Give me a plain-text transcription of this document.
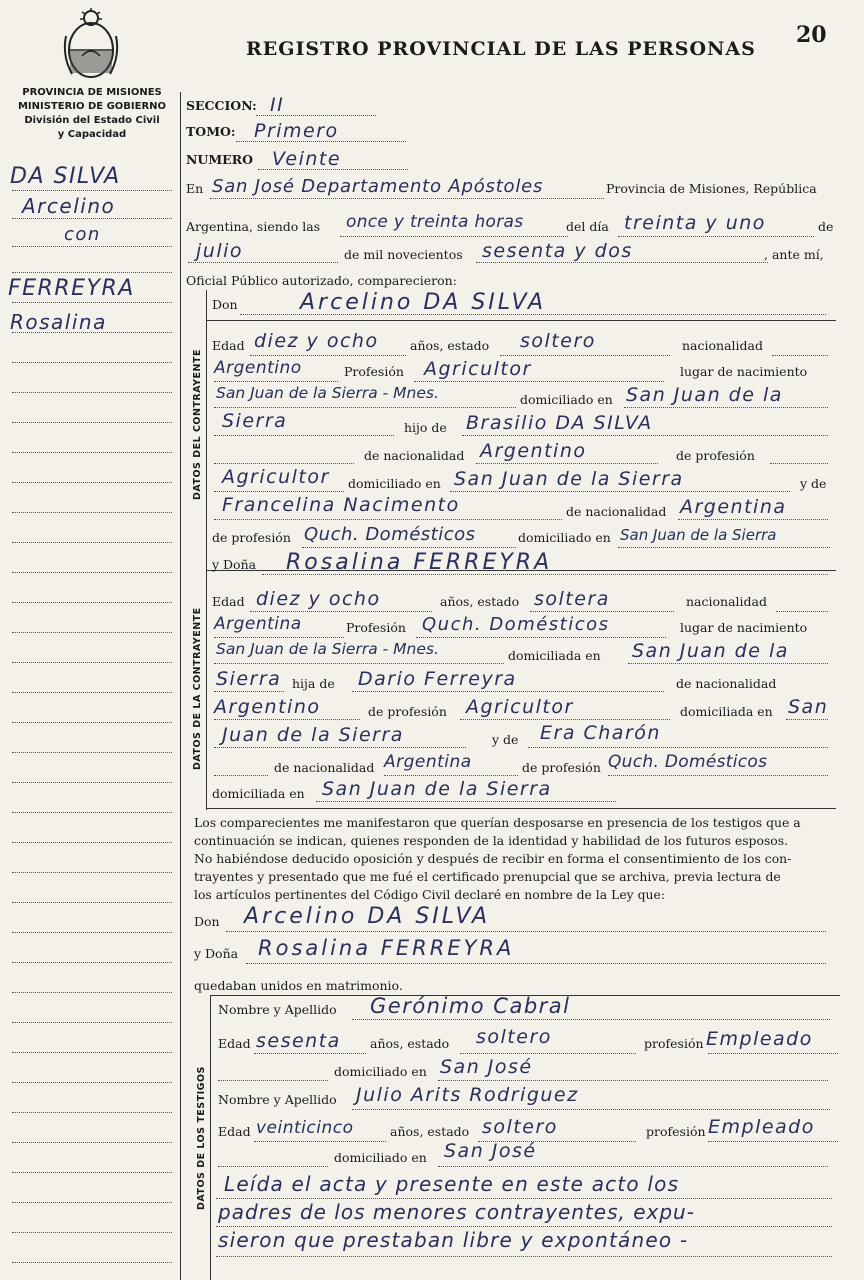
20
REGISTRO PROVINCIAL DE LAS PERSONAS
PROVINCIA DE MISIONES
MINISTERIO DE GOBIERNO
División del Estado Civil
y Capacidad
DA SILVA
Arcelino
con
FERREYRA
Rosalina
DATOS DEL CONTRAYENTE
DATOS DE LA CONTRAYENTE
DATOS DE LOS TESTIGOS
SECCION: II
TOMO: Primero
NUMERO Veinte
En San José Departamento Apóstoles	Provincia de Misiones, República
Argentina, siendo las once y treinta horas	del día treinta y uno	de
julio	de mil novecientos sesenta y dos	, ante mí,
Oficial Público autorizado, comparecieron:
Don	Arcelino DA SILVA
Edad diez y ocho	años, estado soltero	nacionalidad
Argentino	Profesión Agricultor	lugar de nacimiento
San Juan de la Sierra - Mnes.	domiciliado en San Juan de la
Sierra	hijo de Brasilio DA SILVA
de nacionalidad Argentino	de profesión
Agricultor domiciliado en San Juan de la Sierra	y de
Francelina Nacimento	de nacionalidad Argentina
de profesión Quch. Domésticos	domiciliado en San Juan de la Sierra
y Doña Rosalina FERREYRA
Edad diez y ocho	años, estado soltera	nacionalidad
Argentina	Profesión Quch. Domésticos	lugar de nacimiento
San Juan de la Sierra - Mnes.	domiciliada en San Juan de la
Sierra hija de Dario Ferreyra	de nacionalidad
Argentino	de profesión Agricultor	domiciliada en San
Juan de la Sierra	y de Era Charón
de nacionalidad Argentina	de profesión Quch. Domésticos
domiciliada en San Juan de la Sierra
Los comparecientes me manifestaron que querían desposarse en presencia de los testigos que a
continuación se indican, quienes responden de la identidad y habilidad de los futuros esposos.
No habiéndose deducido oposición y después de recibir en forma el consentimiento de los con-
trayentes y presentado que me fué el certificado prenupcial que se archiva, previa lectura de
los artículos pertinentes del Código Civil declaré en nombre de la Ley que:
Don Arcelino DA SILVA
y Doña Rosalina FERREYRA
quedaban unidos en matrimonio.
Nombre y Apellido Gerónimo Cabral
Edad sesenta años, estado soltero	profesión Empleado
domiciliado en San José
Nombre y Apellido Julio Arits Rodriguez
Edad veinticinco	años, estado soltero	profesión Empleado
domiciliado en San José
Leída el acta y presente en este acto los
padres de los menores contrayentes, expu-
sieron que prestaban libre y expontáneo -
